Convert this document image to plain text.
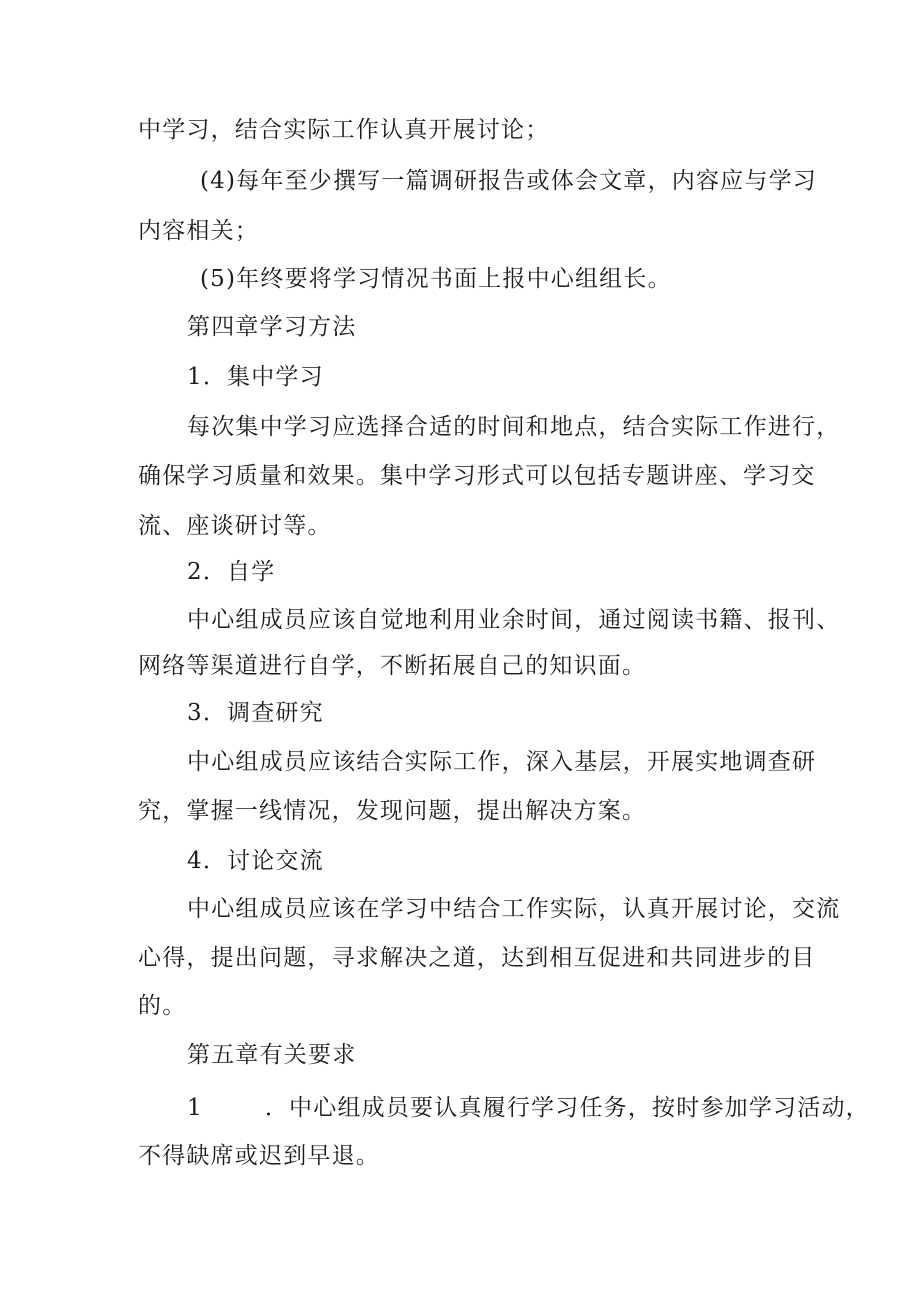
中学习，结合实际工作认真开展讨论；
(4)每年至少撰写一篇调研报告或体会文章，内容应与学习
内容相关；
(5)年终要将学习情况书面上报中心组组长。
第四章学习方法
1．集中学习
每次集中学习应选择合适的时间和地点，结合实际工作进行，
确保学习质量和效果。集中学习形式可以包括专题讲座、学习交
流、座谈研讨等。
2．自学
中心组成员应该自觉地利用业余时间，通过阅读书籍、报刊、
网络等渠道进行自学，不断拓展自己的知识面。
3．调查研究
中心组成员应该结合实际工作，深入基层，开展实地调查研
究，掌握一线情况，发现问题，提出解决方案。
4．讨论交流
中心组成员应该在学习中结合工作实际，认真开展讨论，交流
心得，提出问题，寻求解决之道，达到相互促进和共同进步的目
的。
第五章有关要求
1	．中心组成员要认真履行学习任务，按时参加学习活动，
不得缺席或迟到早退。
